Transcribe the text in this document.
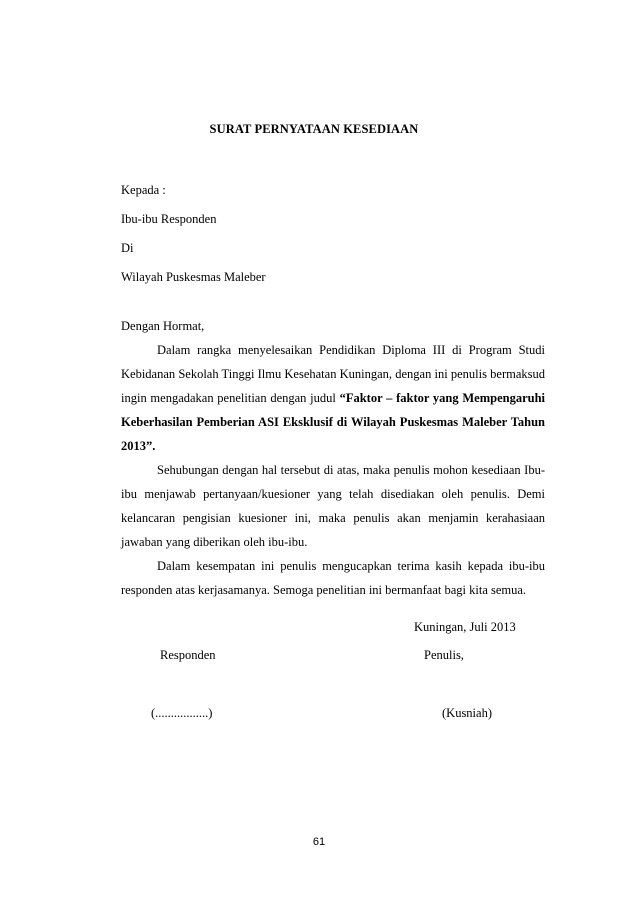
SURAT PERNYATAAN KESEDIAAN
Kepada :
Ibu-ibu Responden
Di
Wilayah Puskesmas Maleber
Dengan Hormat,

Dalam rangka menyelesaikan Pendidikan Diploma III di Program Studi Kebidanan Sekolah Tinggi Ilmu Kesehatan Kuningan, dengan ini penulis bermaksud ingin mengadakan penelitian dengan judul “Faktor – faktor yang Mempengaruhi Keberhasilan Pemberian ASI Eksklusif di Wilayah Puskesmas Maleber Tahun 2013”.

Sehubungan dengan hal tersebut di atas, maka penulis mohon kesediaan Ibu-ibu menjawab pertanyaan/kuesioner yang telah disediakan oleh penulis. Demi kelancaran pengisian kuesioner ini, maka penulis akan menjamin kerahasiaan jawaban yang diberikan oleh ibu-ibu.

Dalam kesempatan ini penulis mengucapkan terima kasih kepada ibu-ibu responden atas kerjasamanya. Semoga penelitian ini bermanfaat bagi kita semua.

Kuningan, Juli 2013
Responden	Penulis,
(.................)	(Kusniah)
61
